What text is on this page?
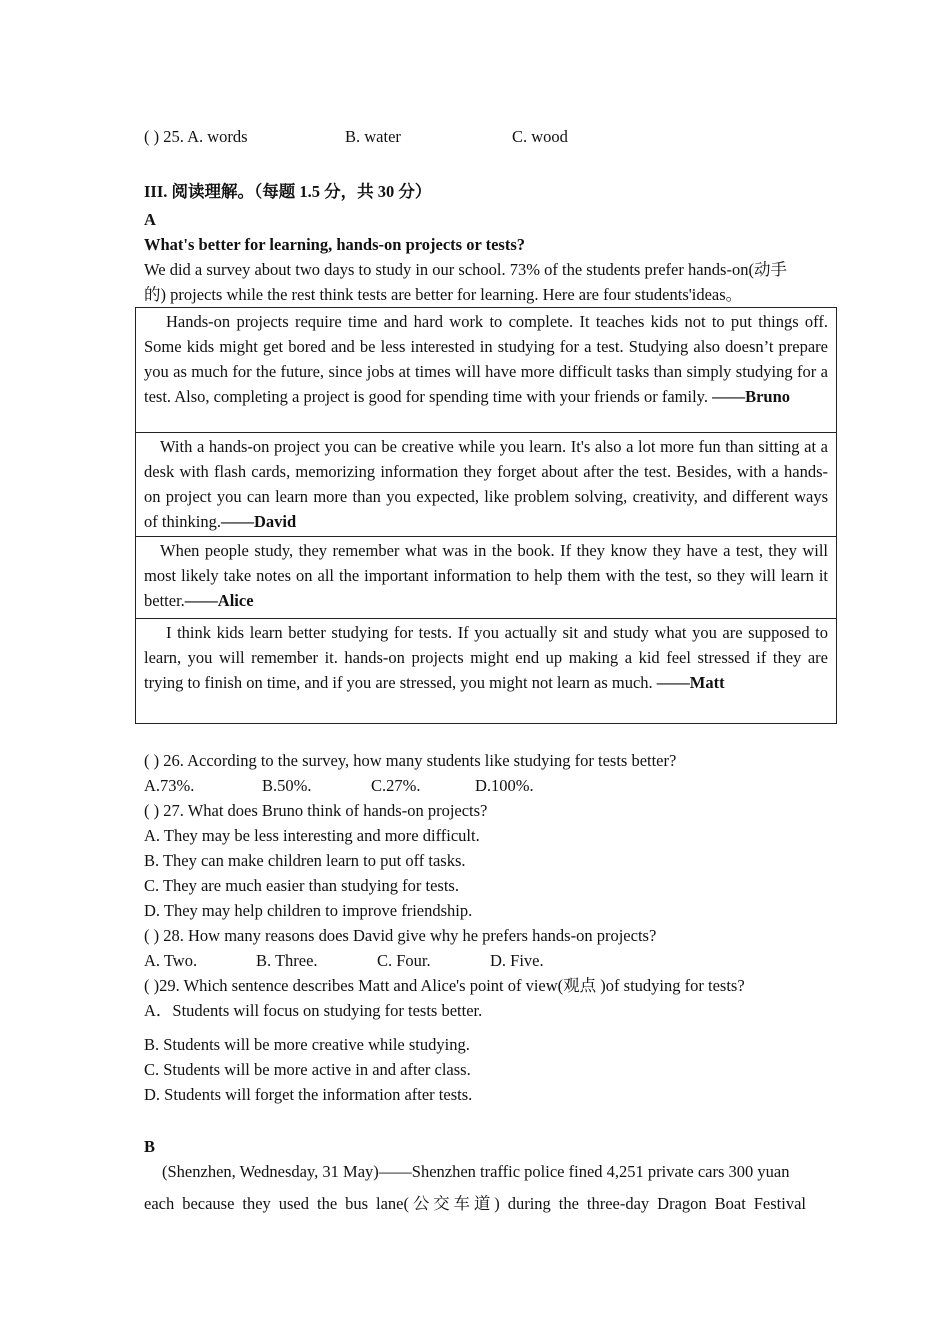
( ) 25. A. words	B. water	C. wood
III. 阅读理解。（每题 1.5 分，共 30 分）
A
What's better for learning, hands-on projects or tests?
We did a survey about two days to study in our school. 73% of the students prefer hands-on(动手
的) projects while the rest think tests are better for learning. Here are four students'ideas。
Hands-on projects require time and hard work to complete. It teaches kids not to put things off. Some kids might get bored and be less interested in studying for a test. Studying also doesn’t prepare you as much for the future, since jobs at times will have more difficult tasks than simply studying for a test. Also, completing a project is good for spending time with your friends or family. ——Bruno
With a hands-on project you can be creative while you learn. It's also a lot more fun than sitting at a desk with flash cards, memorizing information they forget about after the test. Besides, with a hands-on project you can learn more than you expected, like problem solving, creativity, and different ways of thinking.——David
When people study, they remember what was in the book. If they know they have a test, they will most likely take notes on all the important information to help them with the test, so they will learn it better.——Alice
I think kids learn better studying for tests. If you actually sit and study what you are supposed to learn, you will remember it. hands-on projects might end up making a kid feel stressed if they are trying to finish on time, and if you are stressed, you might not learn as much. ——Matt
( ) 26. According to the survey, how many students like studying for tests better?
A.73%.	B.50%.	C.27%.	D.100%.
( ) 27. What does Bruno think of hands-on projects?
A. They may be less interesting and more difficult.
B. They can make children learn to put off tasks.
C. They are much easier than studying for tests.
D. They may help children to improve friendship.
( ) 28. How many reasons does David give why he prefers hands-on projects?
A. Two.	B. Three.	C. Four.	D. Five.
( )29. Which sentence describes Matt and Alice's point of view(观点 )of studying for tests?
A．Students will focus on studying for tests better.
B. Students will be more creative while studying.
C. Students will be more active in and after class.
D. Students will forget the information after tests.
B
(Shenzhen, Wednesday, 31 May)——Shenzhen traffic police fined 4,251 private cars 300 yuan
each because they used the bus lane(公交车道) during the three-day Dragon Boat Festival
